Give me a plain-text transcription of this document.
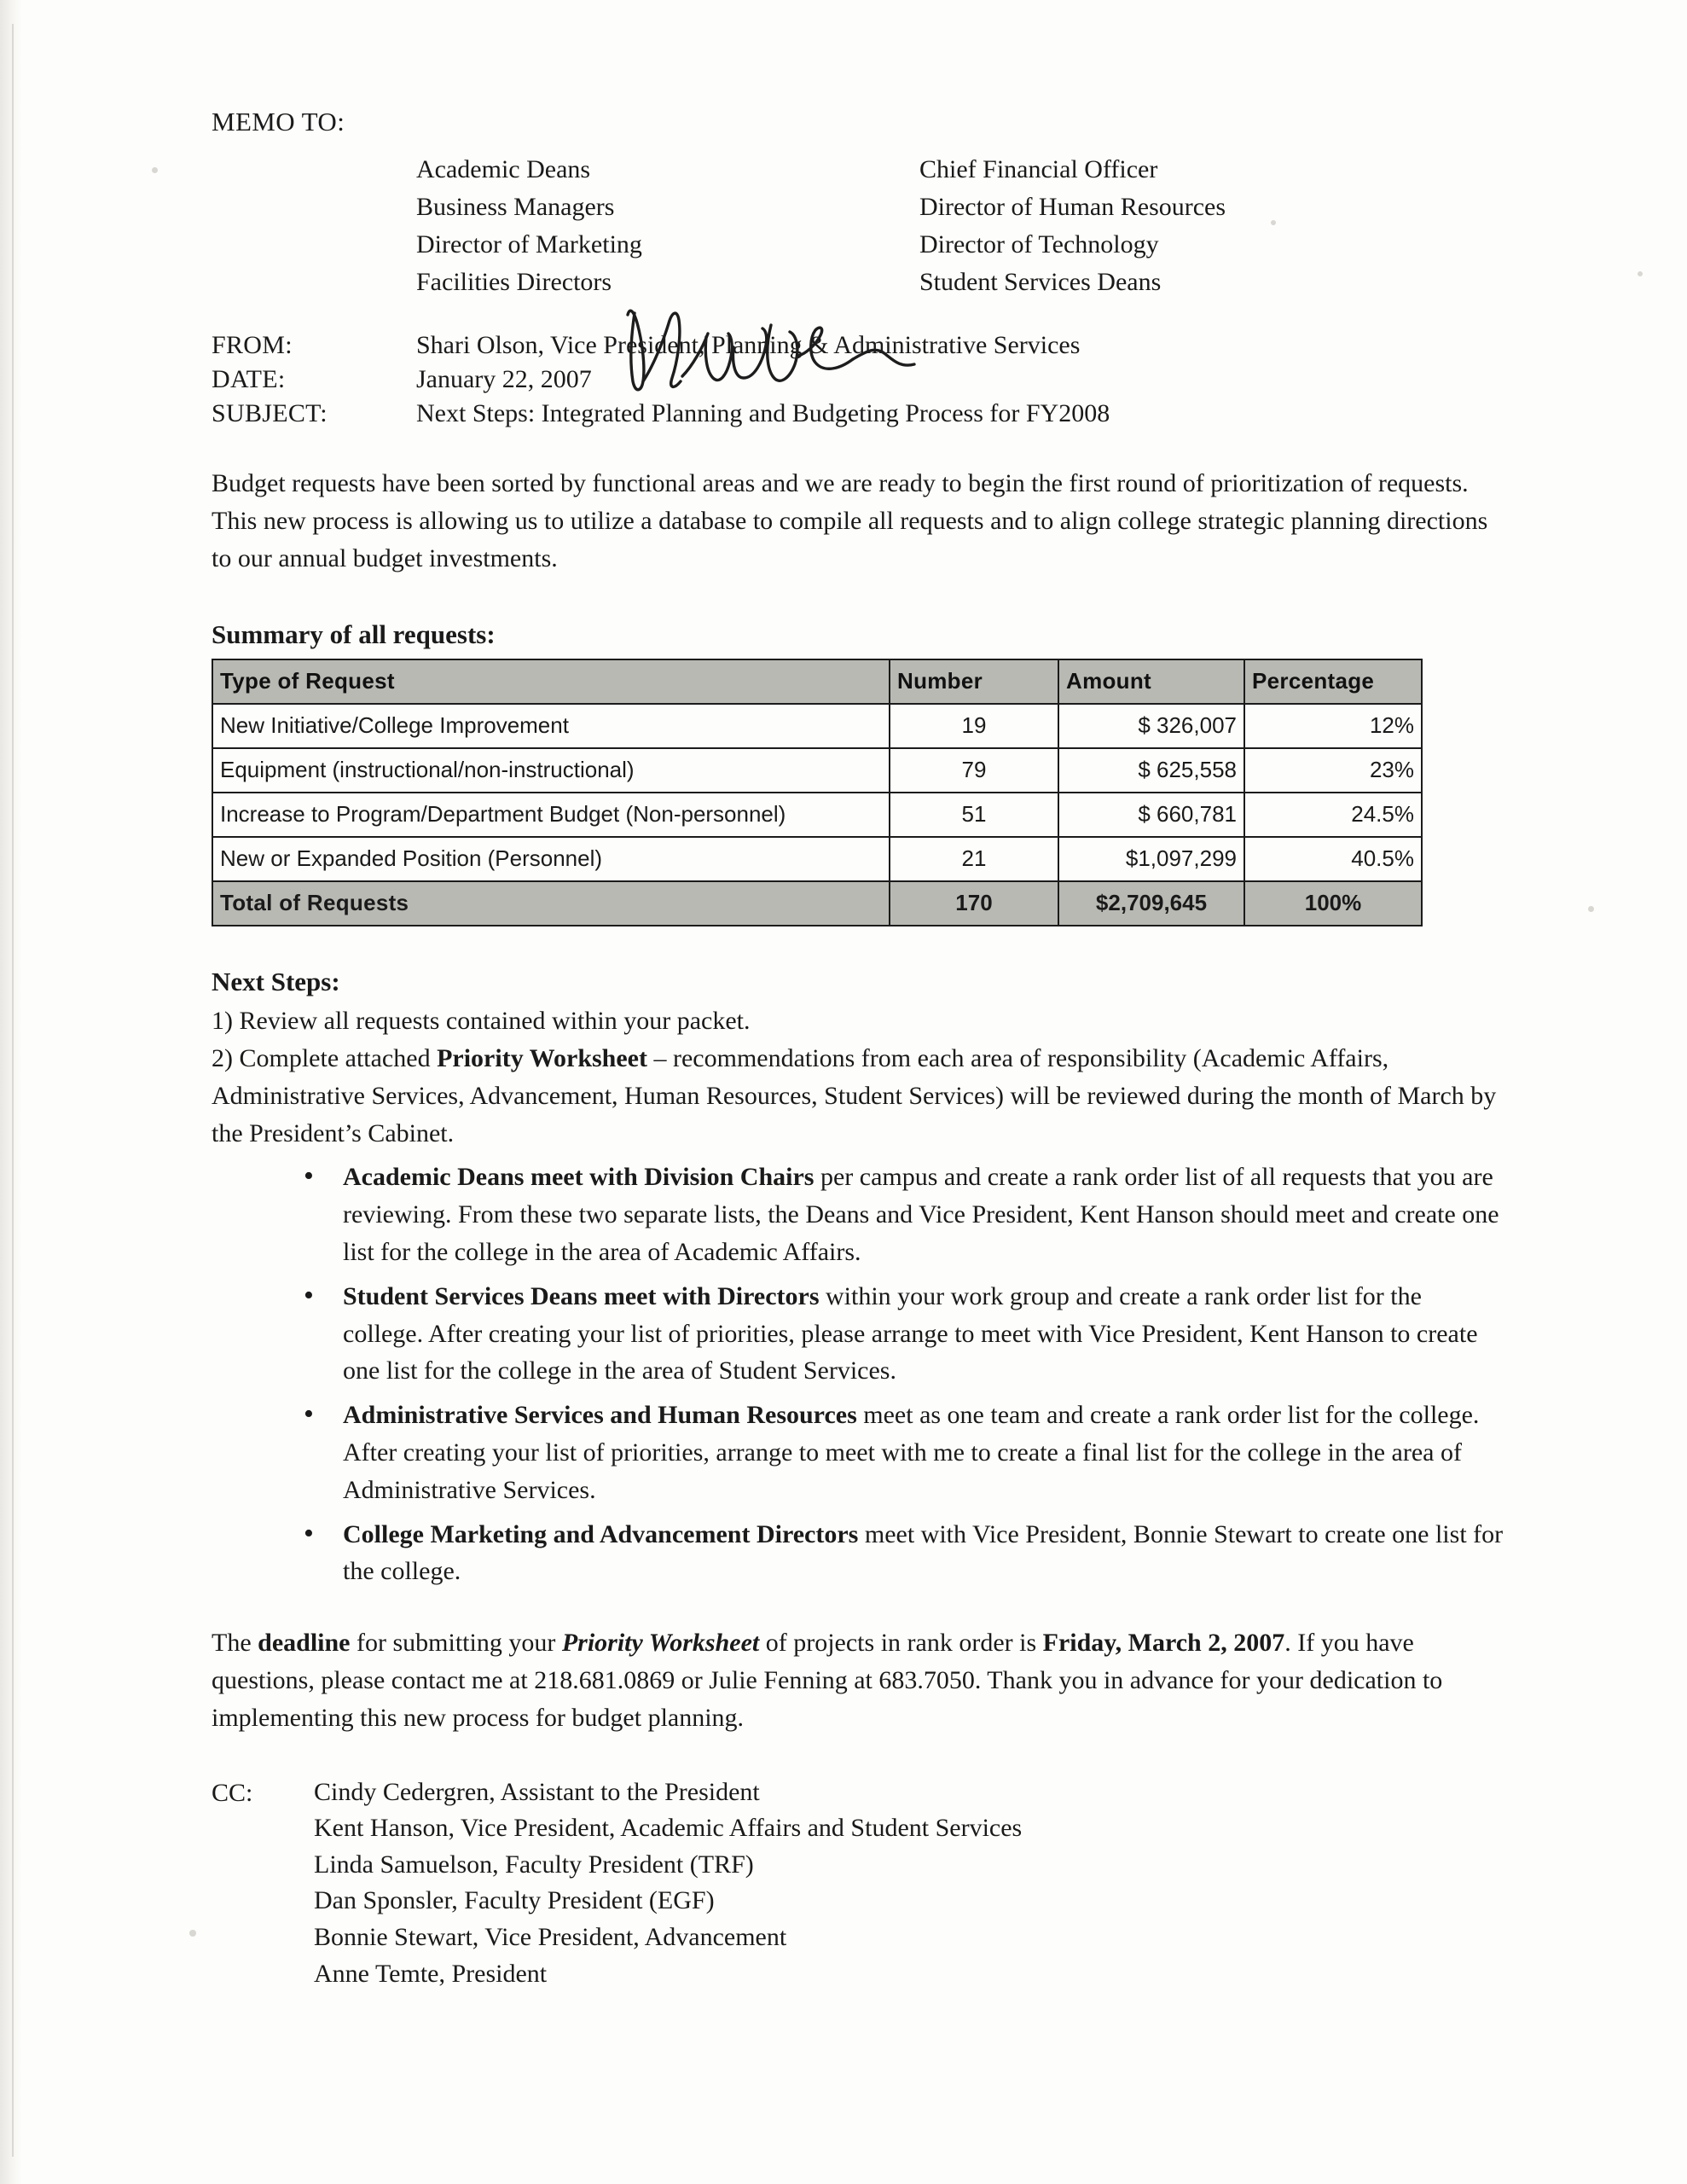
MEMO TO:
Academic Deans	Chief Financial Officer
Business Managers	Director of Human Resources
Director of Marketing	Director of Technology
Facilities Directors	Student Services Deans
FROM:	Shari Olson, Vice President, Planning & Administrative Services
DATE:	January 22, 2007
SUBJECT:	Next Steps: Integrated Planning and Budgeting Process for FY2008

Budget requests have been sorted by functional areas and we are ready to begin the first round of prioritization of requests. This new process is allowing us to utilize a database to compile all requests and to align college strategic planning directions to our annual budget investments.

Summary of all requests:
Type of Request	Number	Amount	Percentage
New Initiative/College Improvement	19	$ 326,007	12%
Equipment (instructional/non-instructional)	79	$ 625,558	23%
Increase to Program/Department Budget (Non-personnel)	51	$ 660,781	24.5%
New or Expanded Position (Personnel)	21	$1,097,299	40.5%
Total of Requests	170	$2,709,645	100%
Next Steps:

1) Review all requests contained within your packet.

2) Complete attached Priority Worksheet – recommendations from each area of responsibility (Academic Affairs, Administrative Services, Advancement, Human Resources, Student Services) will be reviewed during the month of March by the President’s Cabinet.

• Academic Deans meet with Division Chairs per campus and create a rank order list of all requests that you are reviewing. From these two separate lists, the Deans and Vice President, Kent Hanson should meet and create one list for the college in the area of Academic Affairs.
• Student Services Deans meet with Directors within your work group and create a rank order list for the college. After creating your list of priorities, please arrange to meet with Vice President, Kent Hanson to create one list for the college in the area of Student Services.
• Administrative Services and Human Resources meet as one team and create a rank order list for the college. After creating your list of priorities, arrange to meet with me to create a final list for the college in the area of Administrative Services.
• College Marketing and Advancement Directors meet with Vice President, Bonnie Stewart to create one list for the college.

The deadline for submitting your Priority Worksheet of projects in rank order is Friday, March 2, 2007. If you have questions, please contact me at 218.681.0869 or Julie Fenning at 683.7050. Thank you in advance for your dedication to implementing this new process for budget planning.

CC:	Cindy Cedergren, Assistant to the President
Kent Hanson, Vice President, Academic Affairs and Student Services
Linda Samuelson, Faculty President (TRF)
Dan Sponsler, Faculty President (EGF)
Bonnie Stewart, Vice President, Advancement
Anne Temte, President
